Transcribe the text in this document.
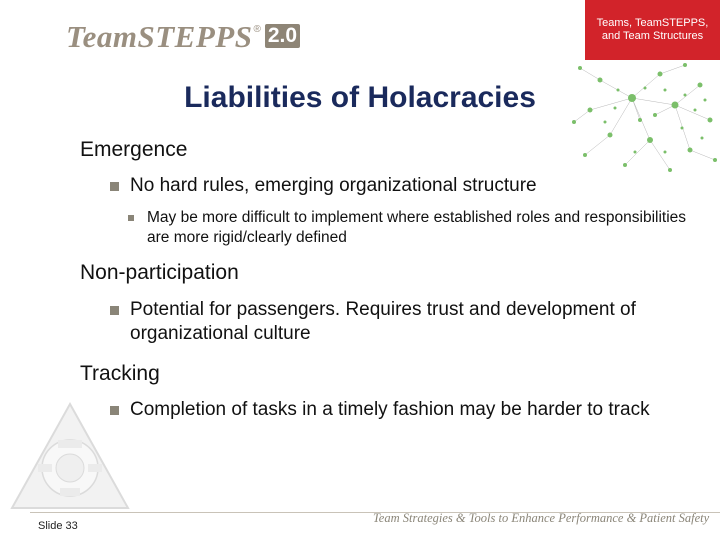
TeamSTEPPS ® 2.0
Teams, TeamSTEPPS, and Team Structures
Liabilities of Holacracies
Emergence
No hard rules, emerging organizational structure
May be more difficult to implement where established roles and responsibilities are more rigid/clearly defined
Non-participation
Potential for passengers. Requires trust and development of organizational culture
Tracking
Completion of tasks in a timely fashion may be harder to track
Slide 33
Team Strategies & Tools to Enhance Performance & Patient Safety
